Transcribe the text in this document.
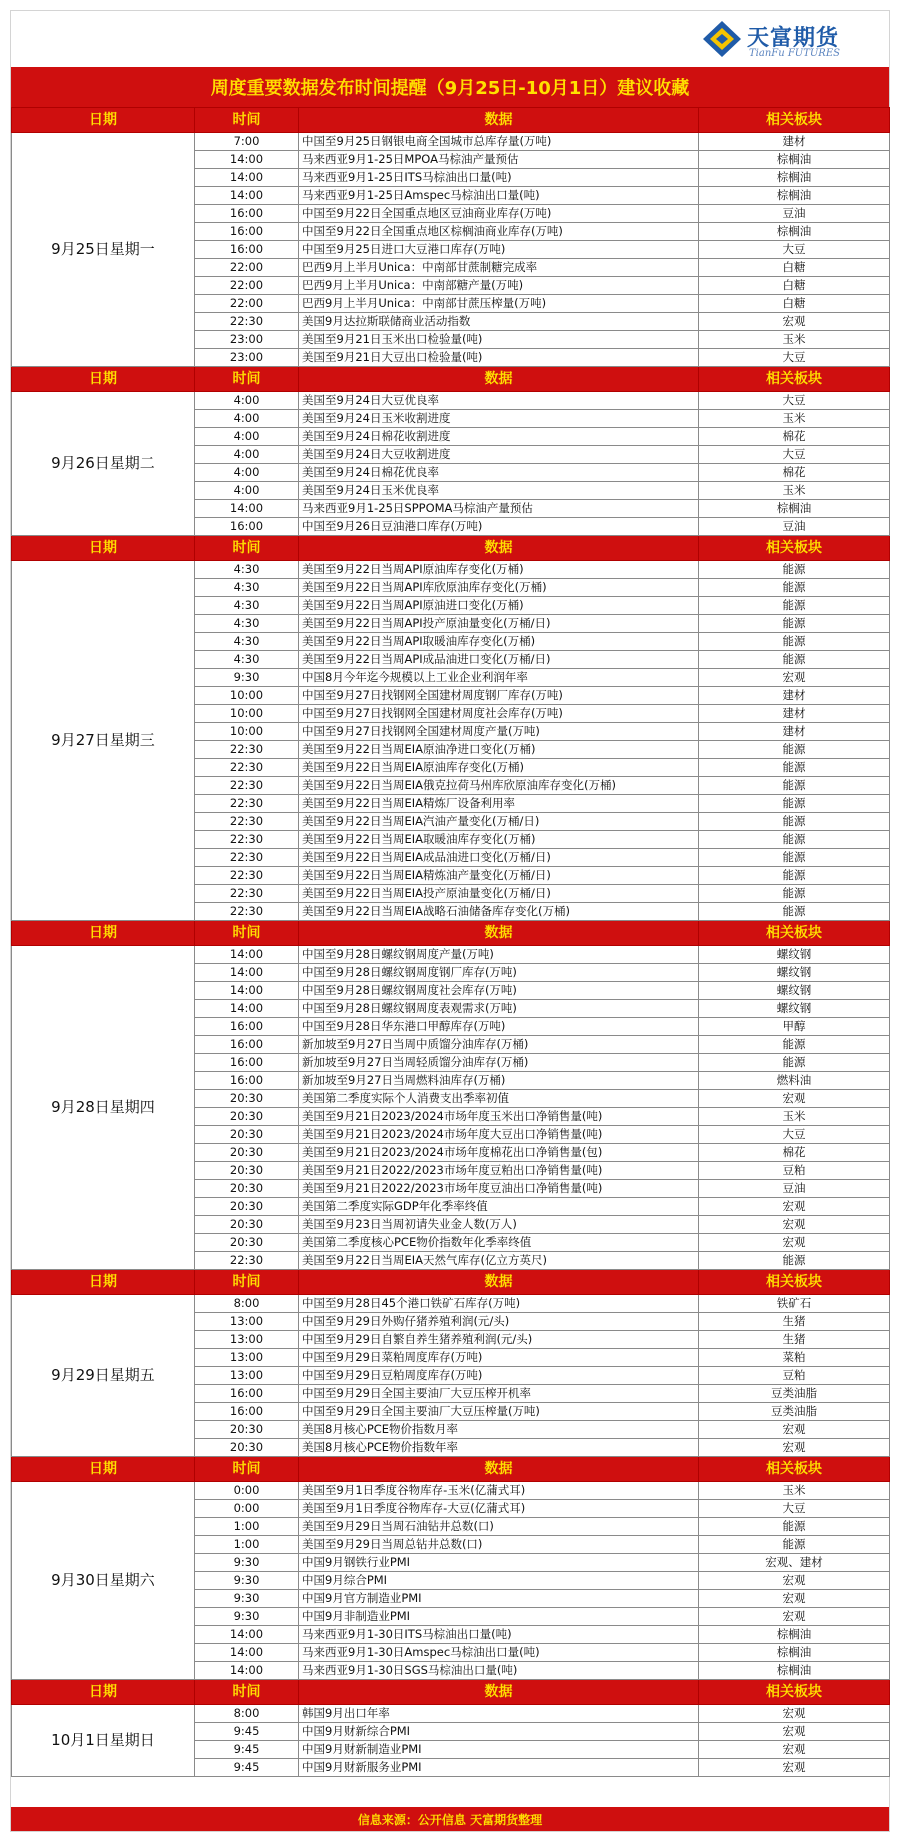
天富期货
TianFu FUTURES
周度重要数据发布时间提醒（9月25日-10月1日）建议收藏
日期	时间	数据	相关板块
9月25日星期一	7:00	中国至9月25日钢银电商全国城市总库存量(万吨)	建材
	14:00	马来西亚9月1-25日MPOA马棕油产量预估	棕榈油
	14:00	马来西亚9月1-25日ITS马棕油出口量(吨)	棕榈油
	14:00	马来西亚9月1-25日Amspec马棕油出口量(吨)	棕榈油
	16:00	中国至9月22日全国重点地区豆油商业库存(万吨)	豆油
	16:00	中国至9月22日全国重点地区棕榈油商业库存(万吨)	棕榈油
	16:00	中国至9月25日进口大豆港口库存(万吨)	大豆
	22:00	巴西9月上半月Unica：中南部甘蔗制糖完成率	白糖
	22:00	巴西9月上半月Unica：中南部糖产量(万吨)	白糖
	22:00	巴西9月上半月Unica：中南部甘蔗压榨量(万吨)	白糖
	22:30	美国9月达拉斯联储商业活动指数	宏观
	23:00	美国至9月21日玉米出口检验量(吨)	玉米
	23:00	美国至9月21日大豆出口检验量(吨)	大豆
日期	时间	数据	相关板块
9月26日星期二	4:00	美国至9月24日大豆优良率	大豆
	4:00	美国至9月24日玉米收割进度	玉米
	4:00	美国至9月24日棉花收割进度	棉花
	4:00	美国至9月24日大豆收割进度	大豆
	4:00	美国至9月24日棉花优良率	棉花
	4:00	美国至9月24日玉米优良率	玉米
	14:00	马来西亚9月1-25日SPPOMA马棕油产量预估	棕榈油
	16:00	中国至9月26日豆油港口库存(万吨)	豆油
日期	时间	数据	相关板块
9月27日星期三	4:30	美国至9月22日当周API原油库存变化(万桶)	能源
	4:30	美国至9月22日当周API库欣原油库存变化(万桶)	能源
	4:30	美国至9月22日当周API原油进口变化(万桶)	能源
	4:30	美国至9月22日当周API投产原油量变化(万桶/日)	能源
	4:30	美国至9月22日当周API取暖油库存变化(万桶)	能源
	4:30	美国至9月22日当周API成品油进口变化(万桶/日)	能源
	9:30	中国8月今年迄今规模以上工业企业利润年率	宏观
	10:00	中国至9月27日找钢网全国建材周度钢厂库存(万吨)	建材
	10:00	中国至9月27日找钢网全国建材周度社会库存(万吨)	建材
	10:00	中国至9月27日找钢网全国建材周度产量(万吨)	建材
	22:30	美国至9月22日当周EIA原油净进口变化(万桶)	能源
	22:30	美国至9月22日当周EIA原油库存变化(万桶)	能源
	22:30	美国至9月22日当周EIA俄克拉荷马州库欣原油库存变化(万桶)	能源
	22:30	美国至9月22日当周EIA精炼厂设备利用率	能源
	22:30	美国至9月22日当周EIA汽油产量变化(万桶/日)	能源
	22:30	美国至9月22日当周EIA取暖油库存变化(万桶)	能源
	22:30	美国至9月22日当周EIA成品油进口变化(万桶/日)	能源
	22:30	美国至9月22日当周EIA精炼油产量变化(万桶/日)	能源
	22:30	美国至9月22日当周EIA投产原油量变化(万桶/日)	能源
	22:30	美国至9月22日当周EIA战略石油储备库存变化(万桶)	能源
日期	时间	数据	相关板块
9月28日星期四	14:00	中国至9月28日螺纹钢周度产量(万吨)	螺纹钢
	14:00	中国至9月28日螺纹钢周度钢厂库存(万吨)	螺纹钢
	14:00	中国至9月28日螺纹钢周度社会库存(万吨)	螺纹钢
	14:00	中国至9月28日螺纹钢周度表观需求(万吨)	螺纹钢
	16:00	中国至9月28日华东港口甲醇库存(万吨)	甲醇
	16:00	新加坡至9月27日当周中质馏分油库存(万桶)	能源
	16:00	新加坡至9月27日当周轻质馏分油库存(万桶)	能源
	16:00	新加坡至9月27日当周燃料油库存(万桶)	燃料油
	20:30	美国第二季度实际个人消费支出季率初值	宏观
	20:30	美国至9月21日2023/2024市场年度玉米出口净销售量(吨)	玉米
	20:30	美国至9月21日2023/2024市场年度大豆出口净销售量(吨)	大豆
	20:30	美国至9月21日2023/2024市场年度棉花出口净销售量(包)	棉花
	20:30	美国至9月21日2022/2023市场年度豆粕出口净销售量(吨)	豆粕
	20:30	美国至9月21日2022/2023市场年度豆油出口净销售量(吨)	豆油
	20:30	美国第二季度实际GDP年化季率终值	宏观
	20:30	美国至9月23日当周初请失业金人数(万人)	宏观
	20:30	美国第二季度核心PCE物价指数年化季率终值	宏观
	22:30	美国至9月22日当周EIA天然气库存(亿立方英尺)	能源
日期	时间	数据	相关板块
9月29日星期五	8:00	中国至9月28日45个港口铁矿石库存(万吨)	铁矿石
	13:00	中国至9月29日外购仔猪养殖利润(元/头)	生猪
	13:00	中国至9月29日自繁自养生猪养殖利润(元/头)	生猪
	13:00	中国至9月29日菜粕周度库存(万吨)	菜粕
	13:00	中国至9月29日豆粕周度库存(万吨)	豆粕
	16:00	中国至9月29日全国主要油厂大豆压榨开机率	豆类油脂
	16:00	中国至9月29日全国主要油厂大豆压榨量(万吨)	豆类油脂
	20:30	美国8月核心PCE物价指数月率	宏观
	20:30	美国8月核心PCE物价指数年率	宏观
日期	时间	数据	相关板块
9月30日星期六	0:00	美国至9月1日季度谷物库存-玉米(亿蒲式耳)	玉米
	0:00	美国至9月1日季度谷物库存-大豆(亿蒲式耳)	大豆
	1:00	美国至9月29日当周石油钻井总数(口)	能源
	1:00	美国至9月29日当周总钻井总数(口)	能源
	9:30	中国9月钢铁行业PMI	宏观、建材
	9:30	中国9月综合PMI	宏观
	9:30	中国9月官方制造业PMI	宏观
	9:30	中国9月非制造业PMI	宏观
	14:00	马来西亚9月1-30日ITS马棕油出口量(吨)	棕榈油
	14:00	马来西亚9月1-30日Amspec马棕油出口量(吨)	棕榈油
	14:00	马来西亚9月1-30日SGS马棕油出口量(吨)	棕榈油
日期	时间	数据	相关板块
10月1日星期日	8:00	韩国9月出口年率	宏观
	9:45	中国9月财新综合PMI	宏观
	9:45	中国9月财新制造业PMI	宏观
	9:45	中国9月财新服务业PMI	宏观
信息来源：公开信息 天富期货整理
